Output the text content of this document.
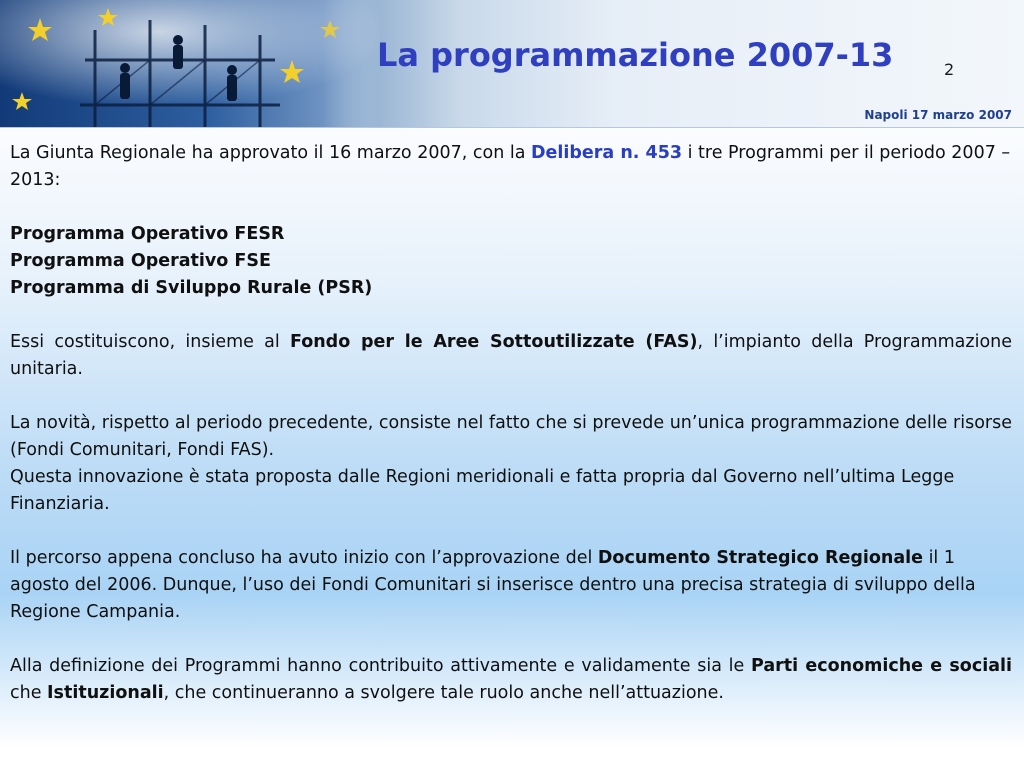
La programmazione 2007-13	2
Napoli 17 marzo 2007

La Giunta Regionale ha approvato il 16 marzo 2007, con la Delibera n. 453 i tre Programmi per il periodo 2007 – 2013:

Programma Operativo FESR

Programma Operativo FSE

Programma di Sviluppo Rurale (PSR)

Essi costituiscono, insieme al Fondo per le Aree Sottoutilizzate (FAS), l’impianto della Programmazione unitaria.

La novità, rispetto al periodo precedente, consiste nel fatto che si prevede un’unica programmazione delle risorse (Fondi Comunitari, Fondi FAS).

Questa innovazione è stata proposta dalle Regioni meridionali e fatta propria dal Governo nell’ultima Legge Finanziaria.

Il percorso appena concluso ha avuto inizio con l’approvazione del Documento Strategico Regionale il 1 agosto del 2006. Dunque, l’uso dei Fondi Comunitari si inserisce dentro una precisa strategia di sviluppo della Regione Campania.

Alla definizione dei Programmi hanno contribuito attivamente e validamente sia le Parti economiche e sociali che Istituzionali, che continueranno a svolgere tale ruolo anche nell’attuazione.
